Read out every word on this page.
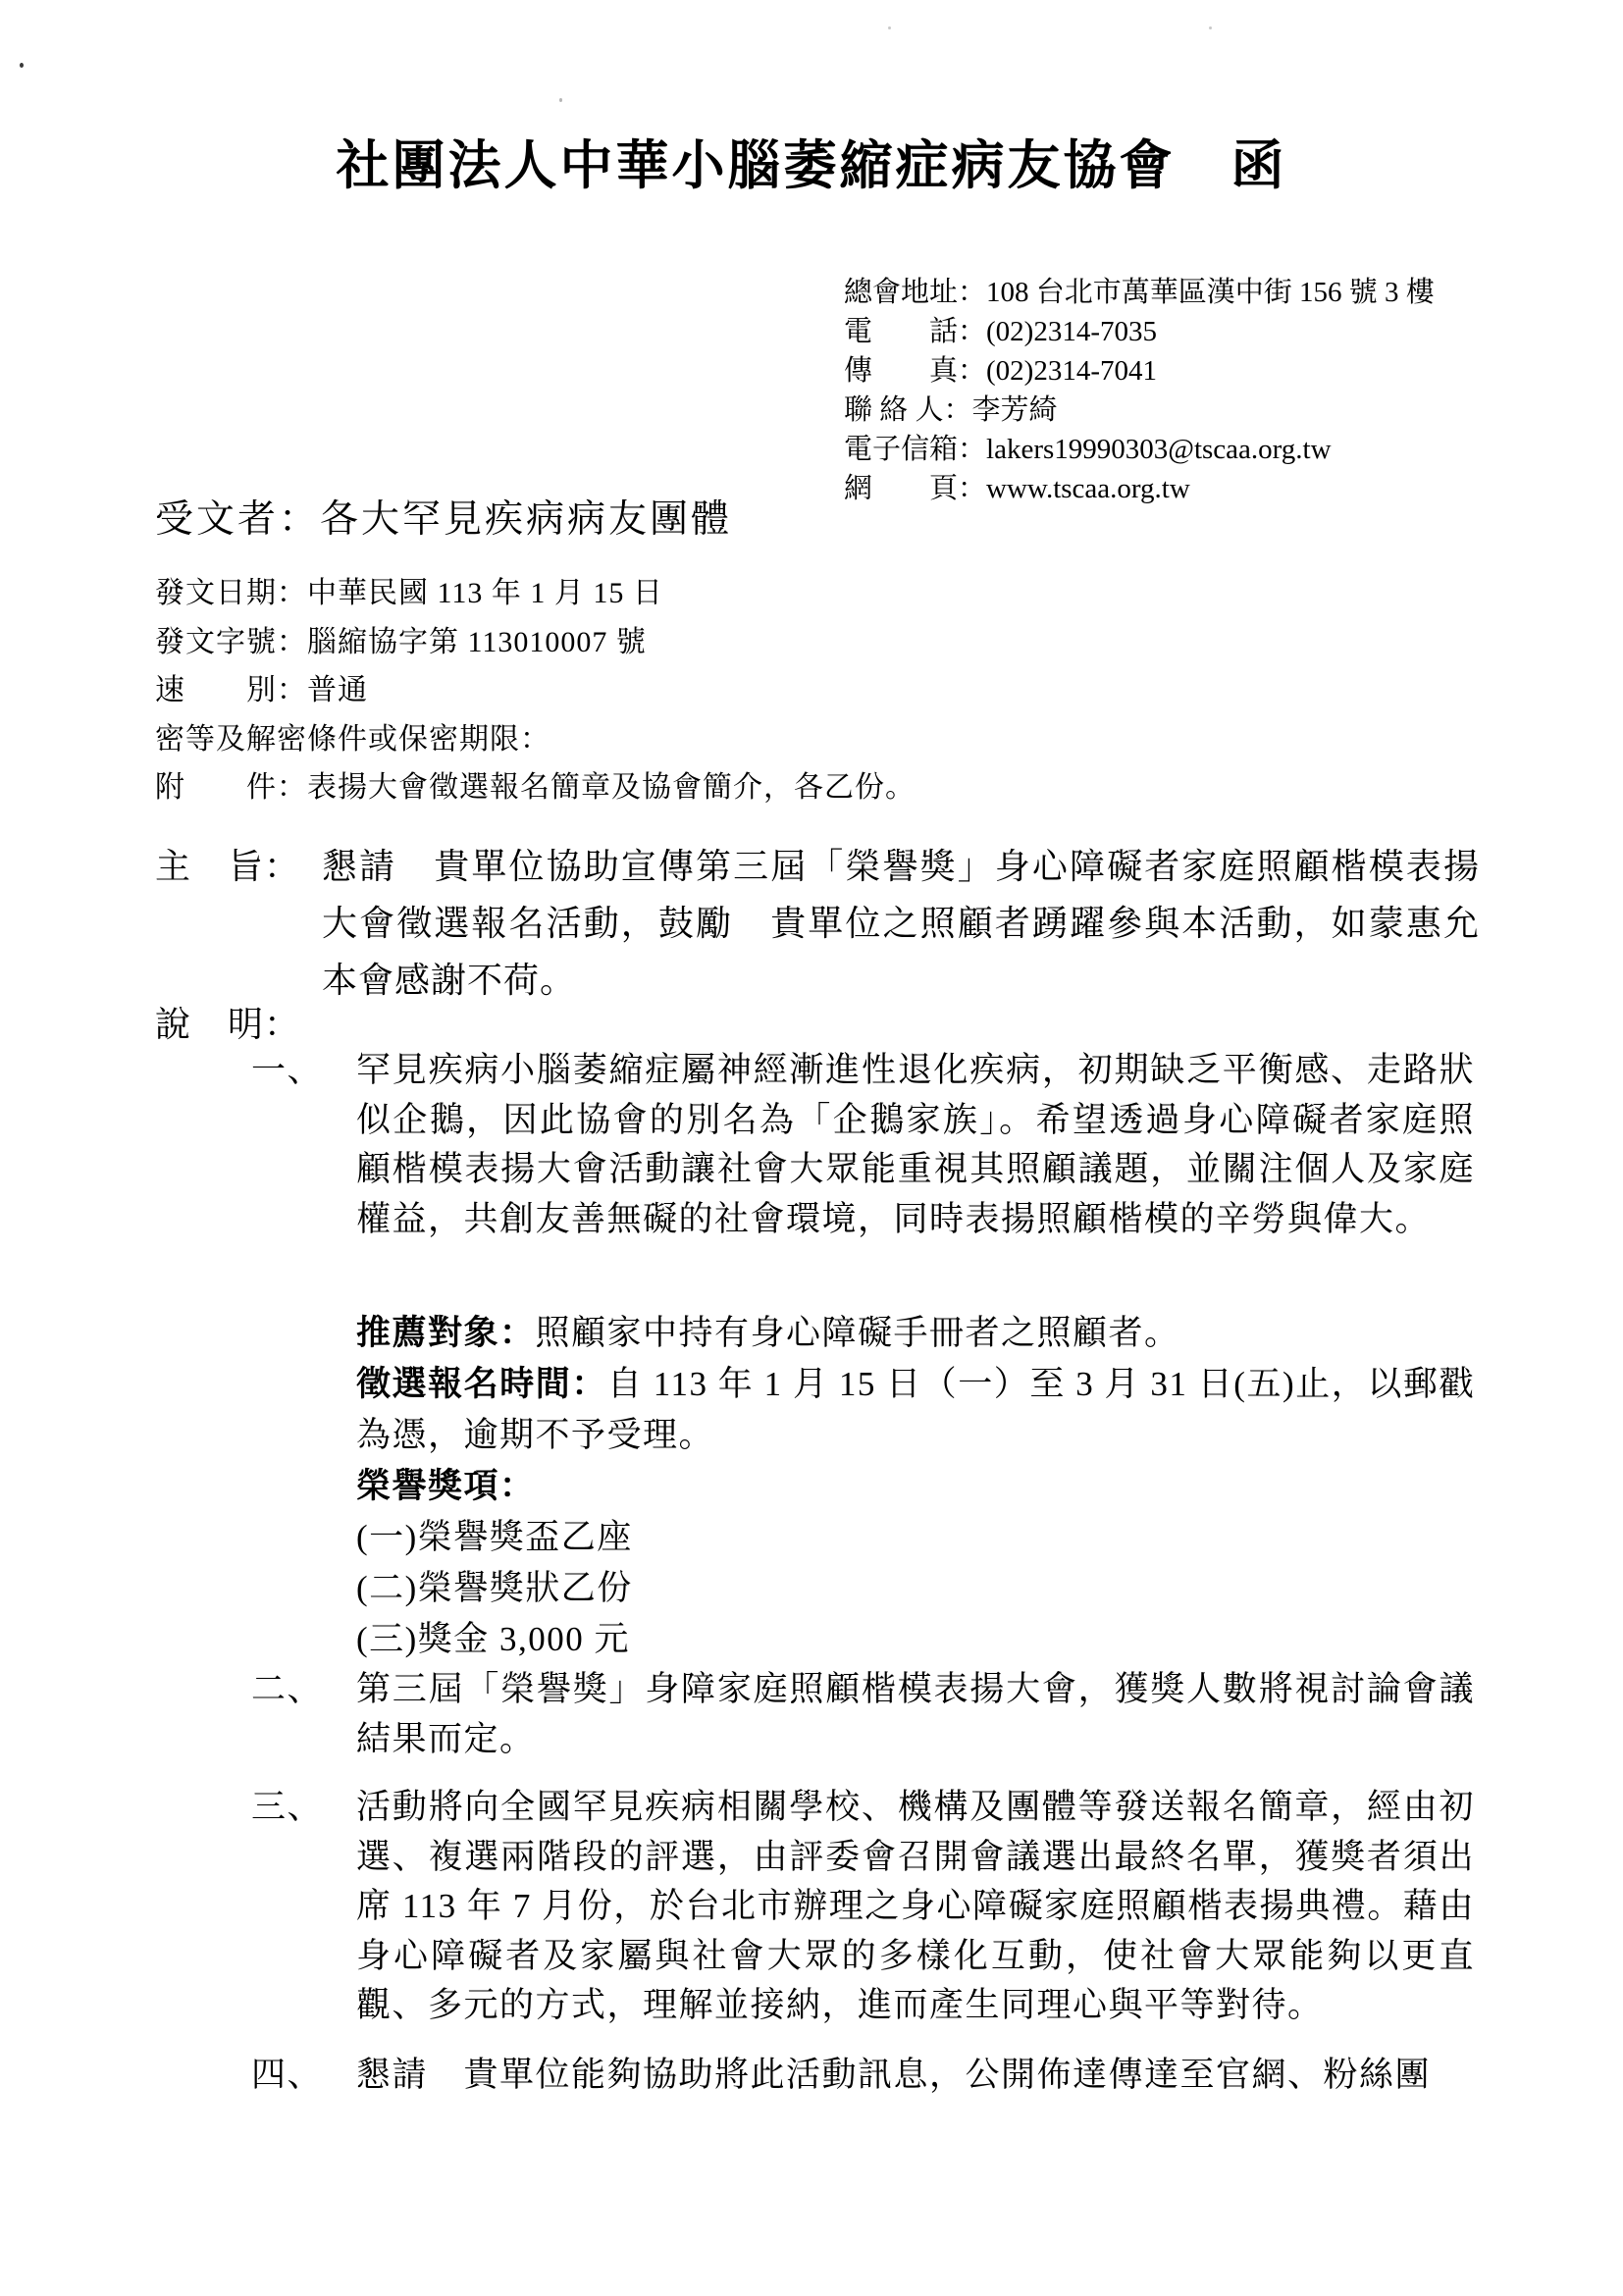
社團法人中華小腦萎縮症病友協會　函
總會地址：108 台北市萬華區漢中街 156 號 3 樓
電　　話：(02)2314-7035
傳　　真：(02)2314-7041
聯 絡 人：李芳綺
電子信箱：lakers19990303@tscaa.org.tw
網　　頁：www.tscaa.org.tw
受文者：各大罕見疾病病友團體
發文日期：中華民國 113 年 1 月 15 日
發文字號：腦縮協字第 113010007 號
速　　別：普通
密等及解密條件或保密期限：
附　　件：表揚大會徵選報名簡章及協會簡介，各乙份。
主　旨： 懇請　貴單位協助宣傳第三屆「榮譽獎」身心障礙者家庭照顧楷模表揚大會徵選報名活動，鼓勵　貴單位之照顧者踴躍參與本活動，如蒙惠允本會感謝不荷。
說　明：
一、 罕見疾病小腦萎縮症屬神經漸進性退化疾病，初期缺乏平衡感、走路狀似企鵝，因此協會的別名為「企鵝家族」。希望透過身心障礙者家庭照顧楷模表揚大會活動讓社會大眾能重視其照顧議題，並關注個人及家庭權益，共創友善無礙的社會環境，同時表揚照顧楷模的辛勞與偉大。
推薦對象：照顧家中持有身心障礙手冊者之照顧者。
徵選報名時間：自 113 年 1 月 15 日（一）至 3 月 31 日(五)止，以郵戳為憑，逾期不予受理。
榮譽獎項：
(一)榮譽獎盃乙座
(二)榮譽獎狀乙份
(三)獎金 3,000 元
二、 第三屆「榮譽獎」身障家庭照顧楷模表揚大會，獲獎人數將視討論會議結果而定。
三、 活動將向全國罕見疾病相關學校、機構及團體等發送報名簡章，經由初選、複選兩階段的評選，由評委會召開會議選出最終名單，獲獎者須出席 113 年 7 月份，於台北市辦理之身心障礙家庭照顧楷表揚典禮。藉由身心障礙者及家屬與社會大眾的多樣化互動，使社會大眾能夠以更直觀、多元的方式，理解並接納，進而產生同理心與平等對待。
四、 懇請　貴單位能夠協助將此活動訊息，公開佈達傳達至官網、粉絲團
